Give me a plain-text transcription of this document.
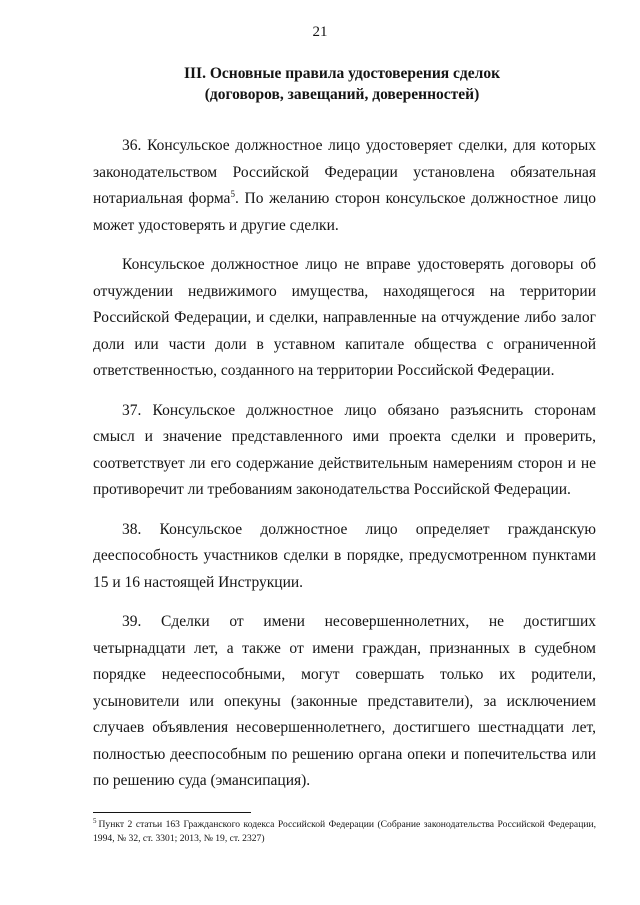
21
III. Основные правила удостоверения сделок
(договоров, завещаний, доверенностей)

36. Консульское должностное лицо удостоверяет сделки, для которых законодательством Российской Федерации установлена обязательная нотариальная форма$^5$. По желанию сторон консульское должностное лицо может удостоверять и другие сделки.

Консульское должностное лицо не вправе удостоверять договоры об отчуждении недвижимого имущества, находящегося на территории Российской Федерации, и сделки, направленные на отчуждение либо залог доли или части доли в уставном капитале общества с ограниченной ответственностью, созданного на территории Российской Федерации.

37. Консульское должностное лицо обязано разъяснить сторонам смысл и значение представленного ими проекта сделки и проверить, соответствует ли его содержание действительным намерениям сторон и не противоречит ли требованиям законодательства Российской Федерации.

38. Консульское должностное лицо определяет гражданскую дееспособность участников сделки в порядке, предусмотренном пунктами 15 и 16 настоящей Инструкции.

39. Сделки от имени несовершеннолетних, не достигших четырнадцати лет, а также от имени граждан, признанных в судебном порядке недееспособными, могут совершать только их родители, усыновители или опекуны (законные представители), за исключением случаев объявления несовершеннолетнего, достигшего шестнадцати лет, полностью дееспособным по решению органа опеки и попечительства или по решению суда (эмансипация).

$^5$ Пункт 2 статьи 163 Гражданского кодекса Российской Федерации (Собрание законодательства Российской Федерации, 1994, № 32, ст. 3301; 2013, № 19, ст. 2327)
